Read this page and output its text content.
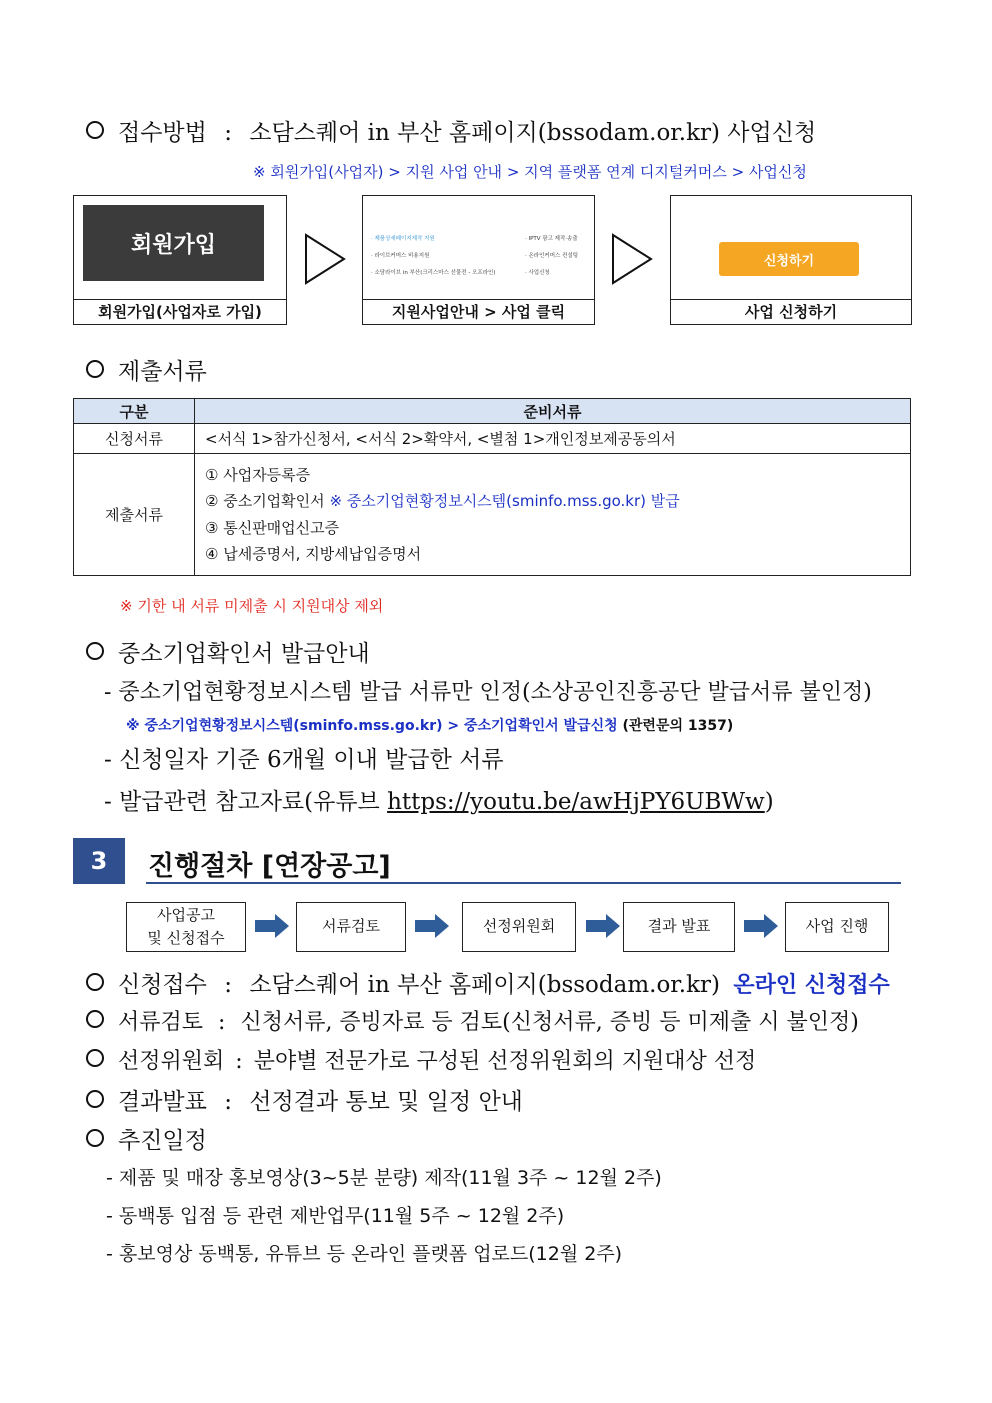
접수방법 : 소담스퀘어 in 부산 홈페이지(bssodam.or.kr) 사업신청
※ 회원가입(사업자) > 지원 사업 안내 > 지역 플랫폼 연계 디지털커머스 > 사업신청
회원가입
회원가입(사업자로 가입)
· 제품상세페이지제작 지원	· IPTV 광고 제작·송출
· 라이브커머스 비용지원	· 온라인커머스 컨설팅
· 소담라이브 in 부산(크리스마스 선물전 - 오프라인)	· 사업신청
지원사업안내 > 사업 클릭
신청하기
사업 신청하기
제출서류
구분	준비서류
신청서류	<서식 1>참가신청서, <서식 2>확약서, <별첨 1>개인정보제공동의서
제출서류	① 사업자등록증
② 중소기업확인서 ※ 중소기업현황정보시스템(sminfo.mss.go.kr) 발급
③ 통신판매업신고증
④ 납세증명서, 지방세납입증명서
※ 기한 내 서류 미제출 시 지원대상 제외
중소기업확인서 발급안내
- 중소기업현황정보시스템 발급 서류만 인정(소상공인진흥공단 발급서류 불인정)
※ 중소기업현황정보시스템(sminfo.mss.go.kr) > 중소기업확인서 발급신청 (관련문의 1357)
- 신청일자 기준 6개월 이내 발급한 서류
- 발급관련 참고자료(유튜브 https://youtu.be/awHjPY6UBWw)
3 진행절차 [연장공고]
사업공고
및 신청접수
서류검토	선정위원회	결과 발표	사업 진행
신청접수 : 소담스퀘어 in 부산 홈페이지(bssodam.or.kr) 온라인 신청접수
서류검토 : 신청서류, 증빙자료 등 검토(신청서류, 증빙 등 미제출 시 불인정)
선정위원회 : 분야별 전문가로 구성된 선정위원회의 지원대상 선정
결과발표 : 선정결과 통보 및 일정 안내
추진일정
- 제품 및 매장 홍보영상(3~5분 분량) 제작(11월 3주 ~ 12월 2주)
- 동백통 입점 등 관련 제반업무(11월 5주 ~ 12월 2주)
- 홍보영상 동백통, 유튜브 등 온라인 플랫폼 업로드(12월 2주)
